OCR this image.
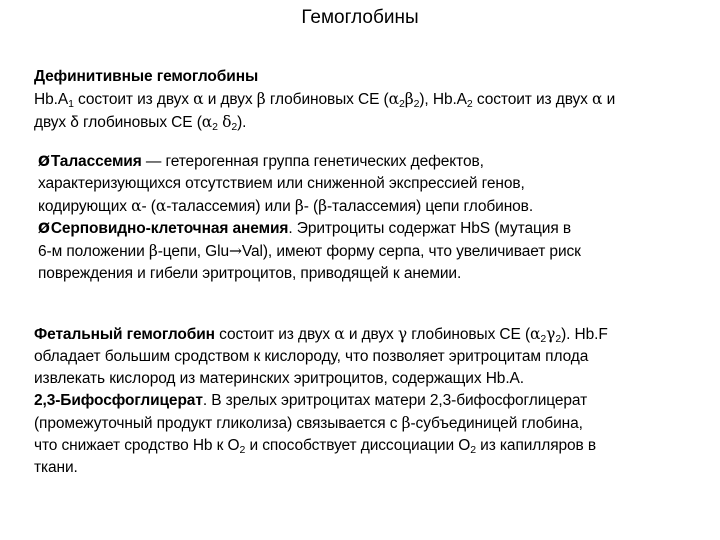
Гемоглобины
Дефинитивные гемоглобины
$Hb.A_1$ состоит из двух α и двух β глобиновых СЕ $(\alpha_2\beta_2)$, $Hb.A_2$ состоит из двух α и
двух δ глобиновых СЕ ($\alpha_2$ $\delta_2$).
ØТалассемия — гетерогенная группа генетических дефектов,
характеризующихся отсутствием или сниженной экспрессией генов,
кодирующих α- (α-талассемия) или β- (β-талассемия) цепи глобинов.
ØСерповидно-клеточная анемия. Эритроциты содержат HbS (мутация в
6-м положении β-цепи, Glu→Val), имеют форму серпа, что увеличивает риск
повреждения и гибели эритроцитов, приводящей к анемии.
Фетальный гемоглобин состоит из двух α и двух γ глобиновых СЕ $(\alpha_2\gamma_2)$. Hb.F
обладает большим сродством к кислороду, что позволяет эритроцитам плода
извлекать кислород из материнских эритроцитов, содержащих Hb.A.
2,3-Бифосфоглицерат. В зрелых эритроцитах матери 2,3-бифосфоглицерат
(промежуточный продукт гликолиза) связывается с β‑субъединицей глобина,
что снижает сродство Hb к $O_2$ и способствует диссоциации $O_2$ из капилляров в
ткани.
